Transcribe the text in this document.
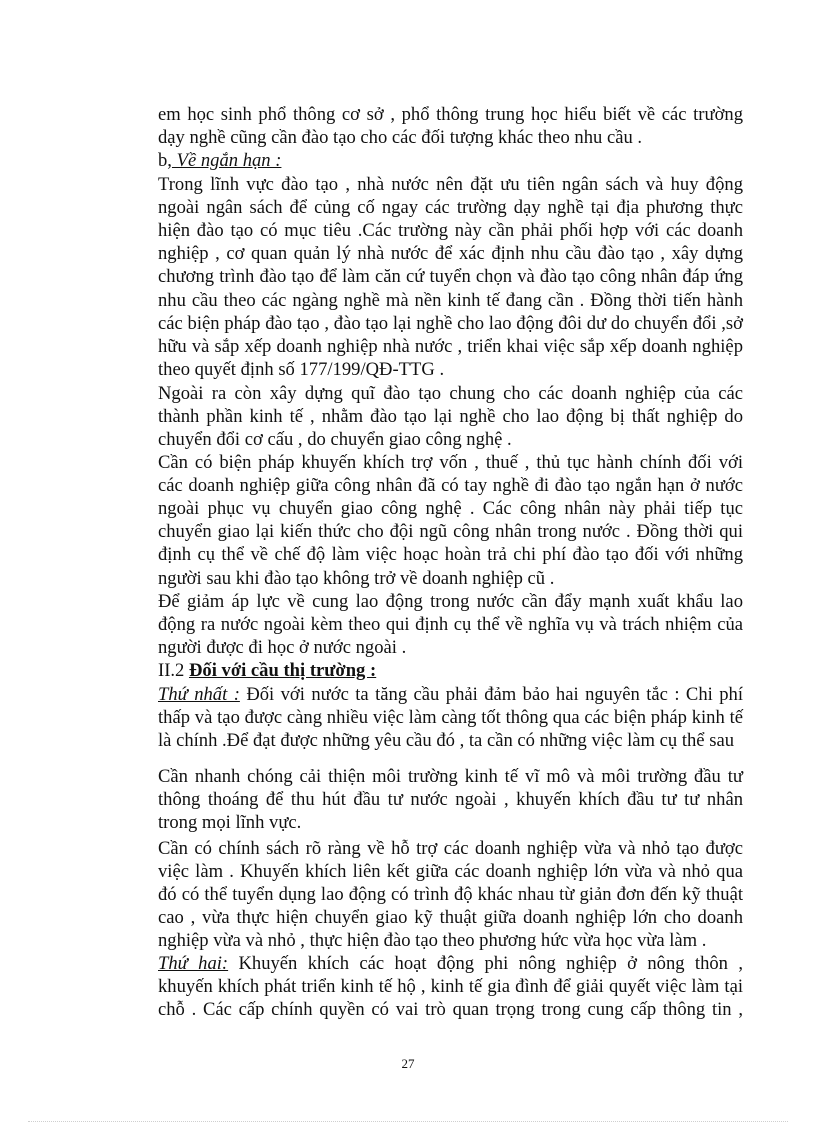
em học sinh phổ thông cơ sở , phổ thông trung học hiểu biết về các trường
dạy nghề cũng cần đào tạo cho các đối tượng khác theo nhu cầu .
b, Về ngắn hạn :
Trong lĩnh vực đào tạo , nhà nước nên đặt ưu tiên ngân sách và huy động
ngoài ngân sách để củng cố ngay các trường dạy nghề tại địa phương thực
hiện đào tạo có mục tiêu .Các trường này cần phải phối hợp với các doanh
nghiệp , cơ quan quản lý nhà nước để xác định nhu cầu đào tạo , xây dựng
chương trình đào tạo để làm căn cứ tuyển chọn và đào tạo công nhân đáp ứng
nhu cầu theo các ngàng nghề mà nền kinh tế đang cần . Đồng thời tiến hành
các biện pháp đào tạo , đào tạo lại nghề cho lao động đôi dư do chuyển đổi ,sở
hữu và sắp xếp doanh nghiệp nhà nước , triển khai việc sắp xếp doanh nghiệp
theo quyết định số 177/199/QĐ-TTG .
Ngoài ra còn xây dựng quĩ đào tạo chung cho các doanh nghiệp của các
thành phần kinh tế , nhằm đào tạo lại nghề cho lao động bị thất nghiệp do
chuyển đổi cơ cấu , do chuyển giao công nghệ .
Cần có biện pháp khuyến khích trợ vốn , thuế , thủ tục hành chính đối với
các doanh nghiệp giữa công nhân đã có tay nghề đi đào tạo ngắn hạn ở nước
ngoài phục vụ chuyển giao công nghệ . Các công nhân này phải tiếp tục
chuyển giao lại kiến thức cho đội ngũ công nhân trong nước . Đồng thời qui
định cụ thể về chế độ làm việc hoạc hoàn trả chi phí đào tạo đối với những
người sau khi đào tạo không trở về doanh nghiệp cũ .
Để giảm áp lực về cung lao động trong nước cần đẩy mạnh xuất khẩu lao
động ra nước ngoài kèm theo qui định cụ thể về nghĩa vụ và trách nhiệm của
người được đi học ở nước ngoài .
II.2 Đối với cầu thị trường :
Thứ nhất : Đối với nước ta tăng cầu phải đảm bảo hai nguyên tắc : Chi phí
thấp và tạo được càng nhiều việc làm càng tốt thông qua các biện pháp kinh tế
là chính .Để đạt được những yêu cầu đó , ta cần có những việc làm cụ thể sau
Cần nhanh chóng cải thiện môi trường kinh tế vĩ mô và môi trường đầu tư
thông thoáng để thu hút đầu tư nước ngoài , khuyến khích đầu tư tư nhân
trong mọi lĩnh vực.
Cần có chính sách rõ ràng về hỗ trợ các doanh nghiệp vừa và nhỏ tạo được
việc làm . Khuyến khích liên kết giữa các doanh nghiệp lớn vừa và nhỏ qua
đó có thể tuyển dụng lao động có trình độ khác nhau từ giản đơn đến kỹ thuật
cao , vừa thực hiện chuyển giao kỹ thuật giữa doanh nghiệp lớn cho doanh
nghiệp vừa và nhỏ , thực hiện đào tạo theo phương hức vừa học vừa làm .
Thứ hai: Khuyến khích các hoạt động phi nông nghiệp ở nông thôn ,
khuyến khích phát triển kinh tế hộ , kinh tế gia đình để giải quyết việc làm tại
chỗ . Các cấp chính quyền có vai trò quan trọng trong cung cấp thông tin ,
27
